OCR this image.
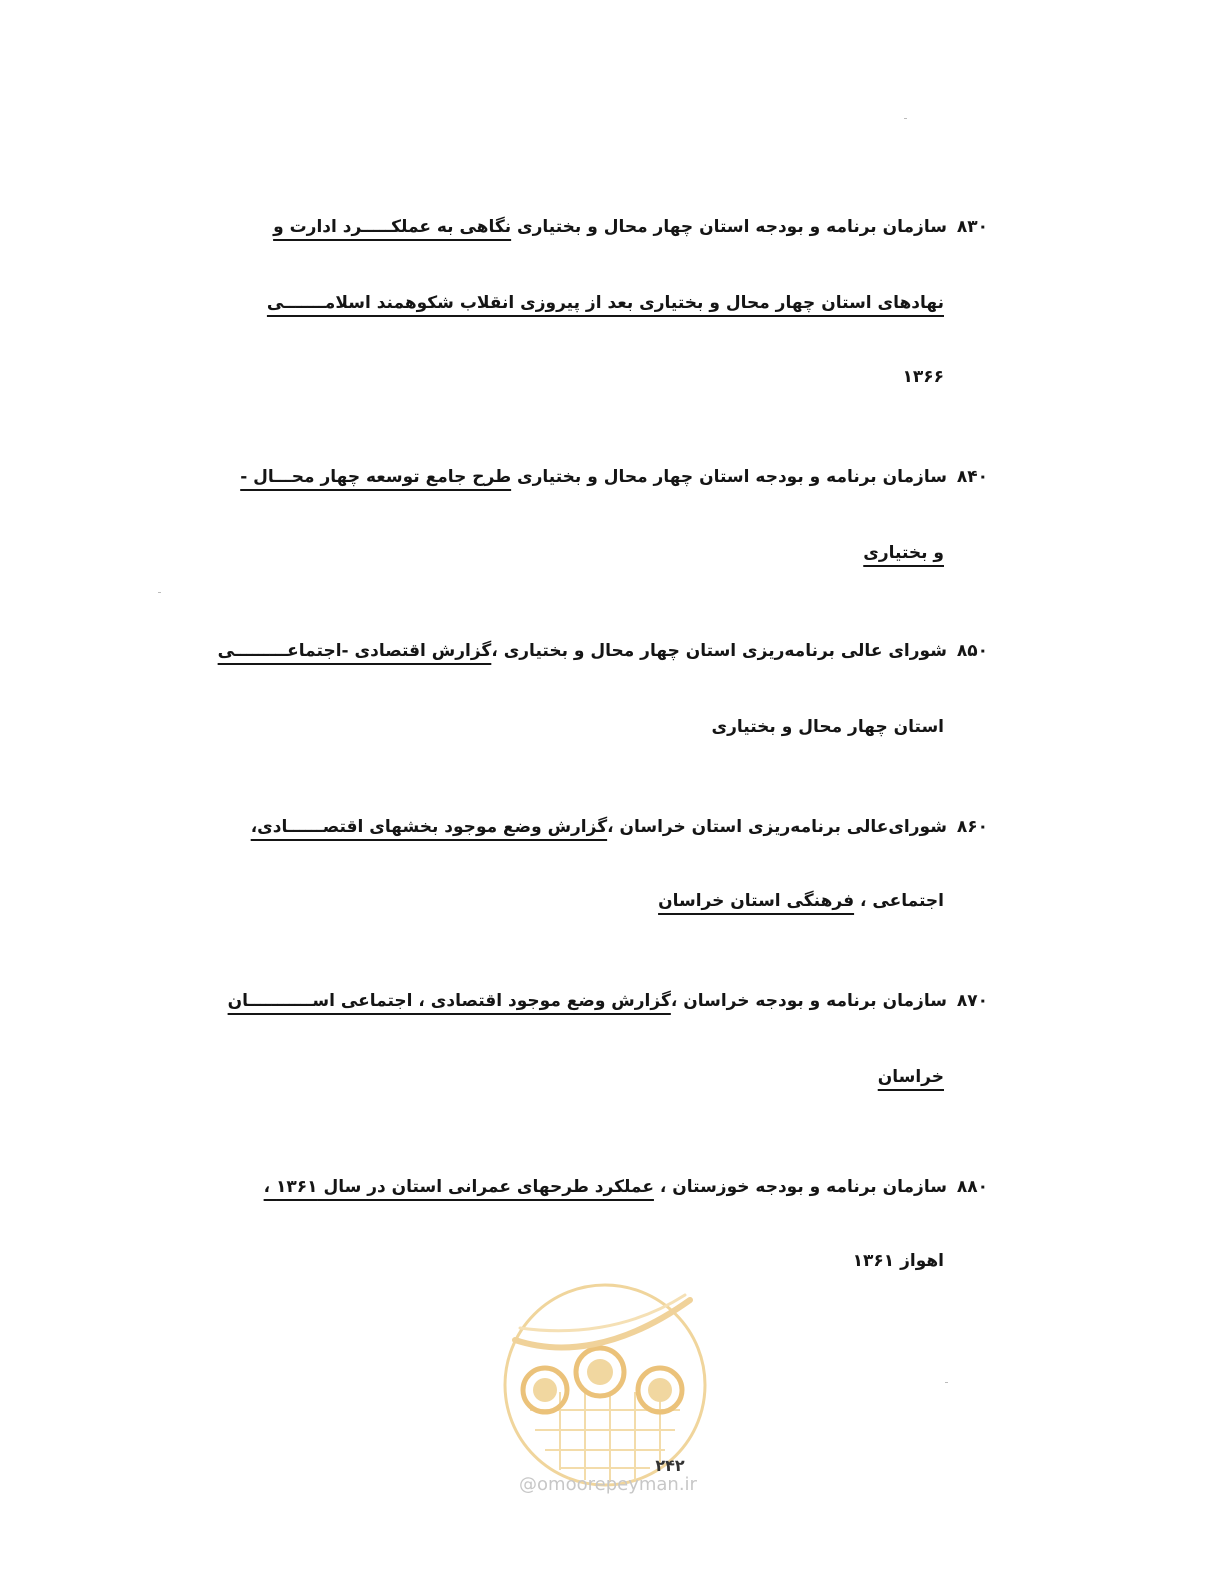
۸۳۰ سازمان برنامه و بودجه استان چهار محال و بختیاری نگاهی به عملکـــــرد ادارت و
نهادهای استان چهار محال و بختیاری بعد از پیروزی انقلاب شکوهمند اسلامـــــــی
۱۳۶۶
۸۴۰ سازمان برنامه و بودجه استان چهار محال و بختیاری طرح جامع توسعه چهار محـــال -
و بختیاری
۸۵۰ شورای عالی برنامه‌ریزی استان چهار محال و بختیاری ،گزارش اقتصادی -اجتماعـــــــــی
استان چهار محال و بختیاری
۸۶۰ شورای‌عالی برنامه‌ریزی استان خراسان ،گزارش وضع موجود بخشهای اقتصــــــادی،
اجتماعی ، فرهنگی استان خراسان
۸۷۰ سازمان برنامه و بودجه خراسان ،گزارش وضع موجود اقتصادی ، اجتماعی اســـــــــــان
خراسان
۸۸۰ سازمان برنامه و بودجه خوزستان ، عملکرد طرحهای عمرانی استان در سال ۱۳۶۱ ،
اهواز ۱۳۶۱
۲۴۲
@omoorepeyman.ir
